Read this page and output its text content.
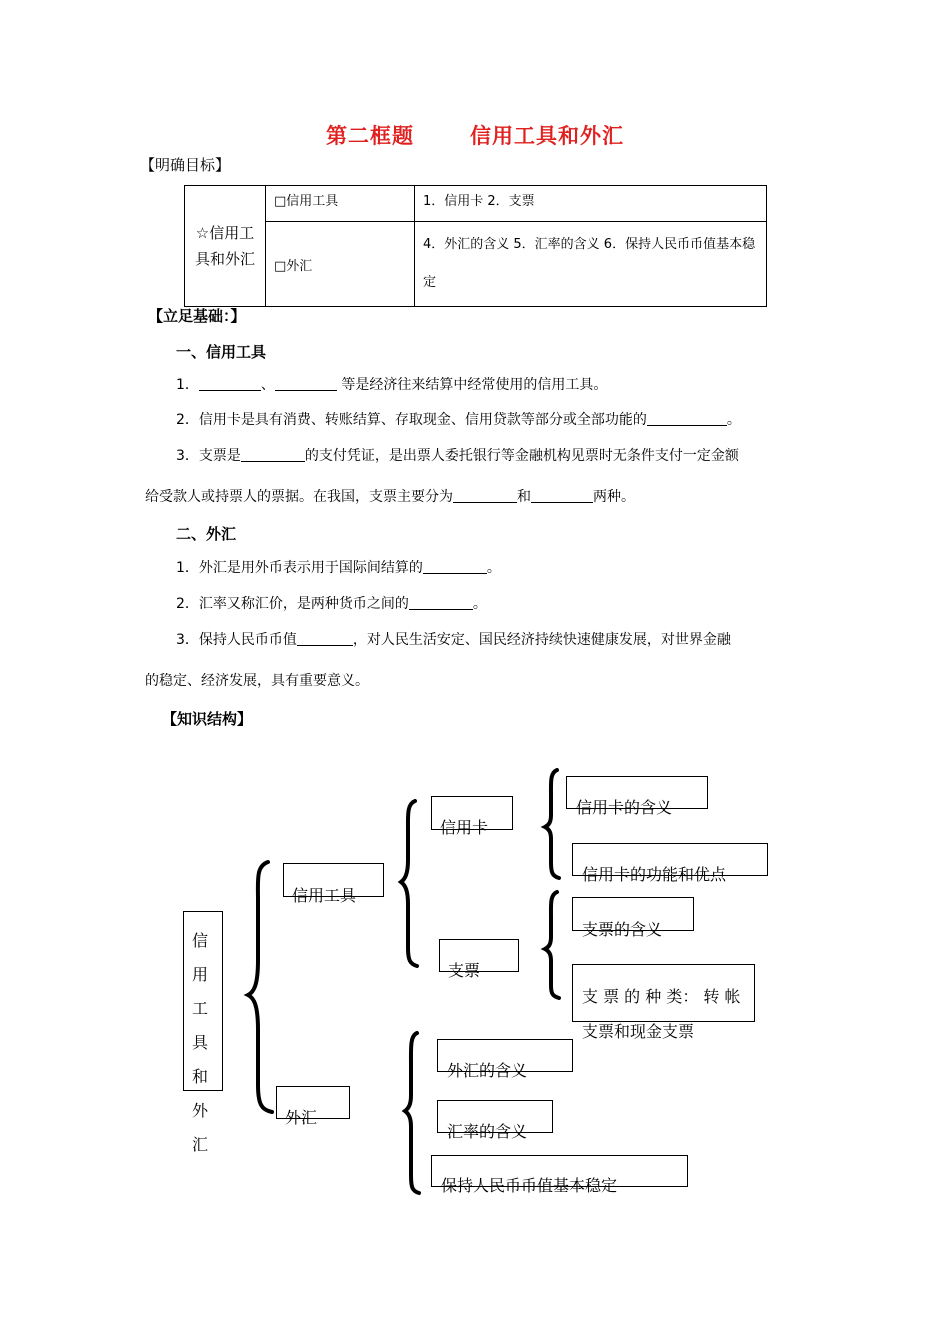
第二框题	信用工具和外汇
【明确目标】
☆信用工具和外汇	□信用工具	1．信用卡 2．支票
	□外汇	4．外汇的含义 5．汇率的含义 6．保持人民币币值基本稳定
【立足基础：】
一、信用工具
1．	、	等是经济往来结算中经常使用的信用工具。
2．信用卡是具有消费、转账结算、存取现金、信用贷款等部分或全部功能的	。
3．支票是	的支付凭证，是出票人委托银行等金融机构见票时无条件支付一定金额
给受款人或持票人的票据。在我国，支票主要分为	和	两种。
二、外汇
1．外汇是用外币表示用于国际间结算的	。
2．汇率又称汇价，是两种货币之间的	。
3．保持人民币币值	，对人民生活安定、国民经济持续快速健康发展，对世界金融
的稳定、经济发展，具有重要意义。
【知识结构】
信
用
工
具
和
外
汇
信用工具
外汇
信用卡
支票
信用卡的含义
信用卡的功能和优点
支票的含义
支 票 的 种 类： 转 帐
支票和现金支票
外汇的含义
汇率的含义
保持人民币币值基本稳定
